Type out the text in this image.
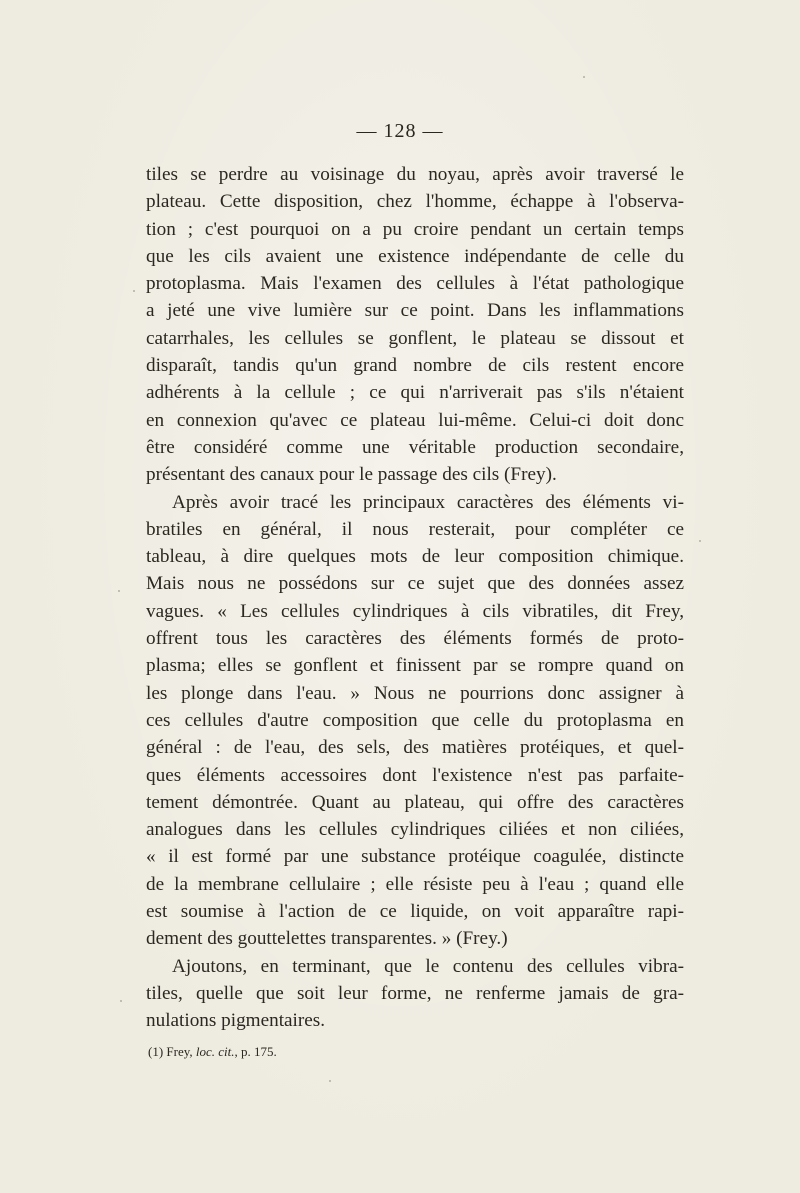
— 128 —
tiles se perdre au voisinage du noyau, après avoir traversé le
plateau. Cette disposition, chez l'homme, échappe à l'observa-
tion ; c'est pourquoi on a pu croire pendant un certain temps
que les cils avaient une existence indépendante de celle du
protoplasma. Mais l'examen des cellules à l'état pathologique
a jeté une vive lumière sur ce point. Dans les inflammations
catarrhales, les cellules se gonflent, le plateau se dissout et
disparaît, tandis qu'un grand nombre de cils restent encore
adhérents à la cellule ; ce qui n'arriverait pas s'ils n'étaient
en connexion qu'avec ce plateau lui-même. Celui-ci doit donc
être considéré comme une véritable production secondaire,
présentant des canaux pour le passage des cils (Frey).
Après avoir tracé les principaux caractères des éléments vi-
bratiles en général, il nous resterait, pour compléter ce
tableau, à dire quelques mots de leur composition chimique.
Mais nous ne possédons sur ce sujet que des données assez
vagues. « Les cellules cylindriques à cils vibratiles, dit Frey,
offrent tous les caractères des éléments formés de proto-
plasma; elles se gonflent et finissent par se rompre quand on
les plonge dans l'eau. » Nous ne pourrions donc assigner à
ces cellules d'autre composition que celle du protoplasma en
général : de l'eau, des sels, des matières protéiques, et quel-
ques éléments accessoires dont l'existence n'est pas parfaite-
tement démontrée. Quant au plateau, qui offre des caractères
analogues dans les cellules cylindriques ciliées et non ciliées,
« il est formé par une substance protéique coagulée, distincte
de la membrane cellulaire ; elle résiste peu à l'eau ; quand elle
est soumise à l'action de ce liquide, on voit apparaître rapi-
dement des gouttelettes transparentes. » (Frey.)
Ajoutons, en terminant, que le contenu des cellules vibra-
tiles, quelle que soit leur forme, ne renferme jamais de gra-
nulations pigmentaires.
(1) Frey, loc. cit., p. 175.
